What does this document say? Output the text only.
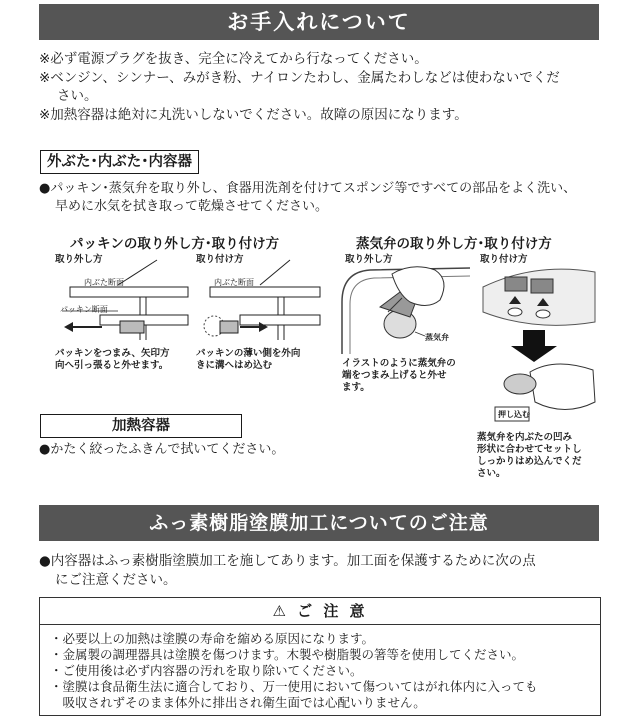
お手入れについて
※必ず電源プラグを抜き、完全に冷えてから行なってください。
※ベンジン、シンナー、みがき粉、ナイロンたわし、金属たわしなどは使わないでくだ
さい。
※加熱容器は絶対に丸洗いしないでください。故障の原因になります。
外ぶた･内ぶた･内容器
●パッキン･蒸気弁を取り外し、食器用洗剤を付けてスポンジ等ですべての部品をよく洗い、
早めに水気を拭き取って乾燥させてください。
パッキンの取り外し方･取り付け方
取り外し方	取り付け方
内ぶた断面
パッキン断面
内ぶた断面
パッキンをつまみ、矢印方
向へ引っ張ると外せます。
パッキンの薄い側を外向
きに溝へはめ込む
蒸気弁の取り外し方･取り付け方
取り外し方	取り付け方
蒸気弁
押し込む
イラストのように蒸気弁の
端をつまみ上げると外せ
ます。
蒸気弁を内ぶたの凹み
形状に合わせてセットし
しっかりはめ込んでくだ
さい。
加熱容器
●かたく絞ったふきんで拭いてください。
ふっ素樹脂塗膜加工についてのご注意
●内容器はふっ素樹脂塗膜加工を施してあります。加工面を保護するために次の点
にご注意ください。
⚠ ご 注 意
・必要以上の加熱は塗膜の寿命を縮める原因になります。
・金属製の調理器具は塗膜を傷つけます。木製や樹脂製の箸等を使用してください。
・ご使用後は必ず内容器の汚れを取り除いてください。
・塗膜は食品衛生法に適合しており、万一使用において傷ついてはがれ体内に入っても
　吸収されずそのまま体外に排出され衛生面では心配いりません。
